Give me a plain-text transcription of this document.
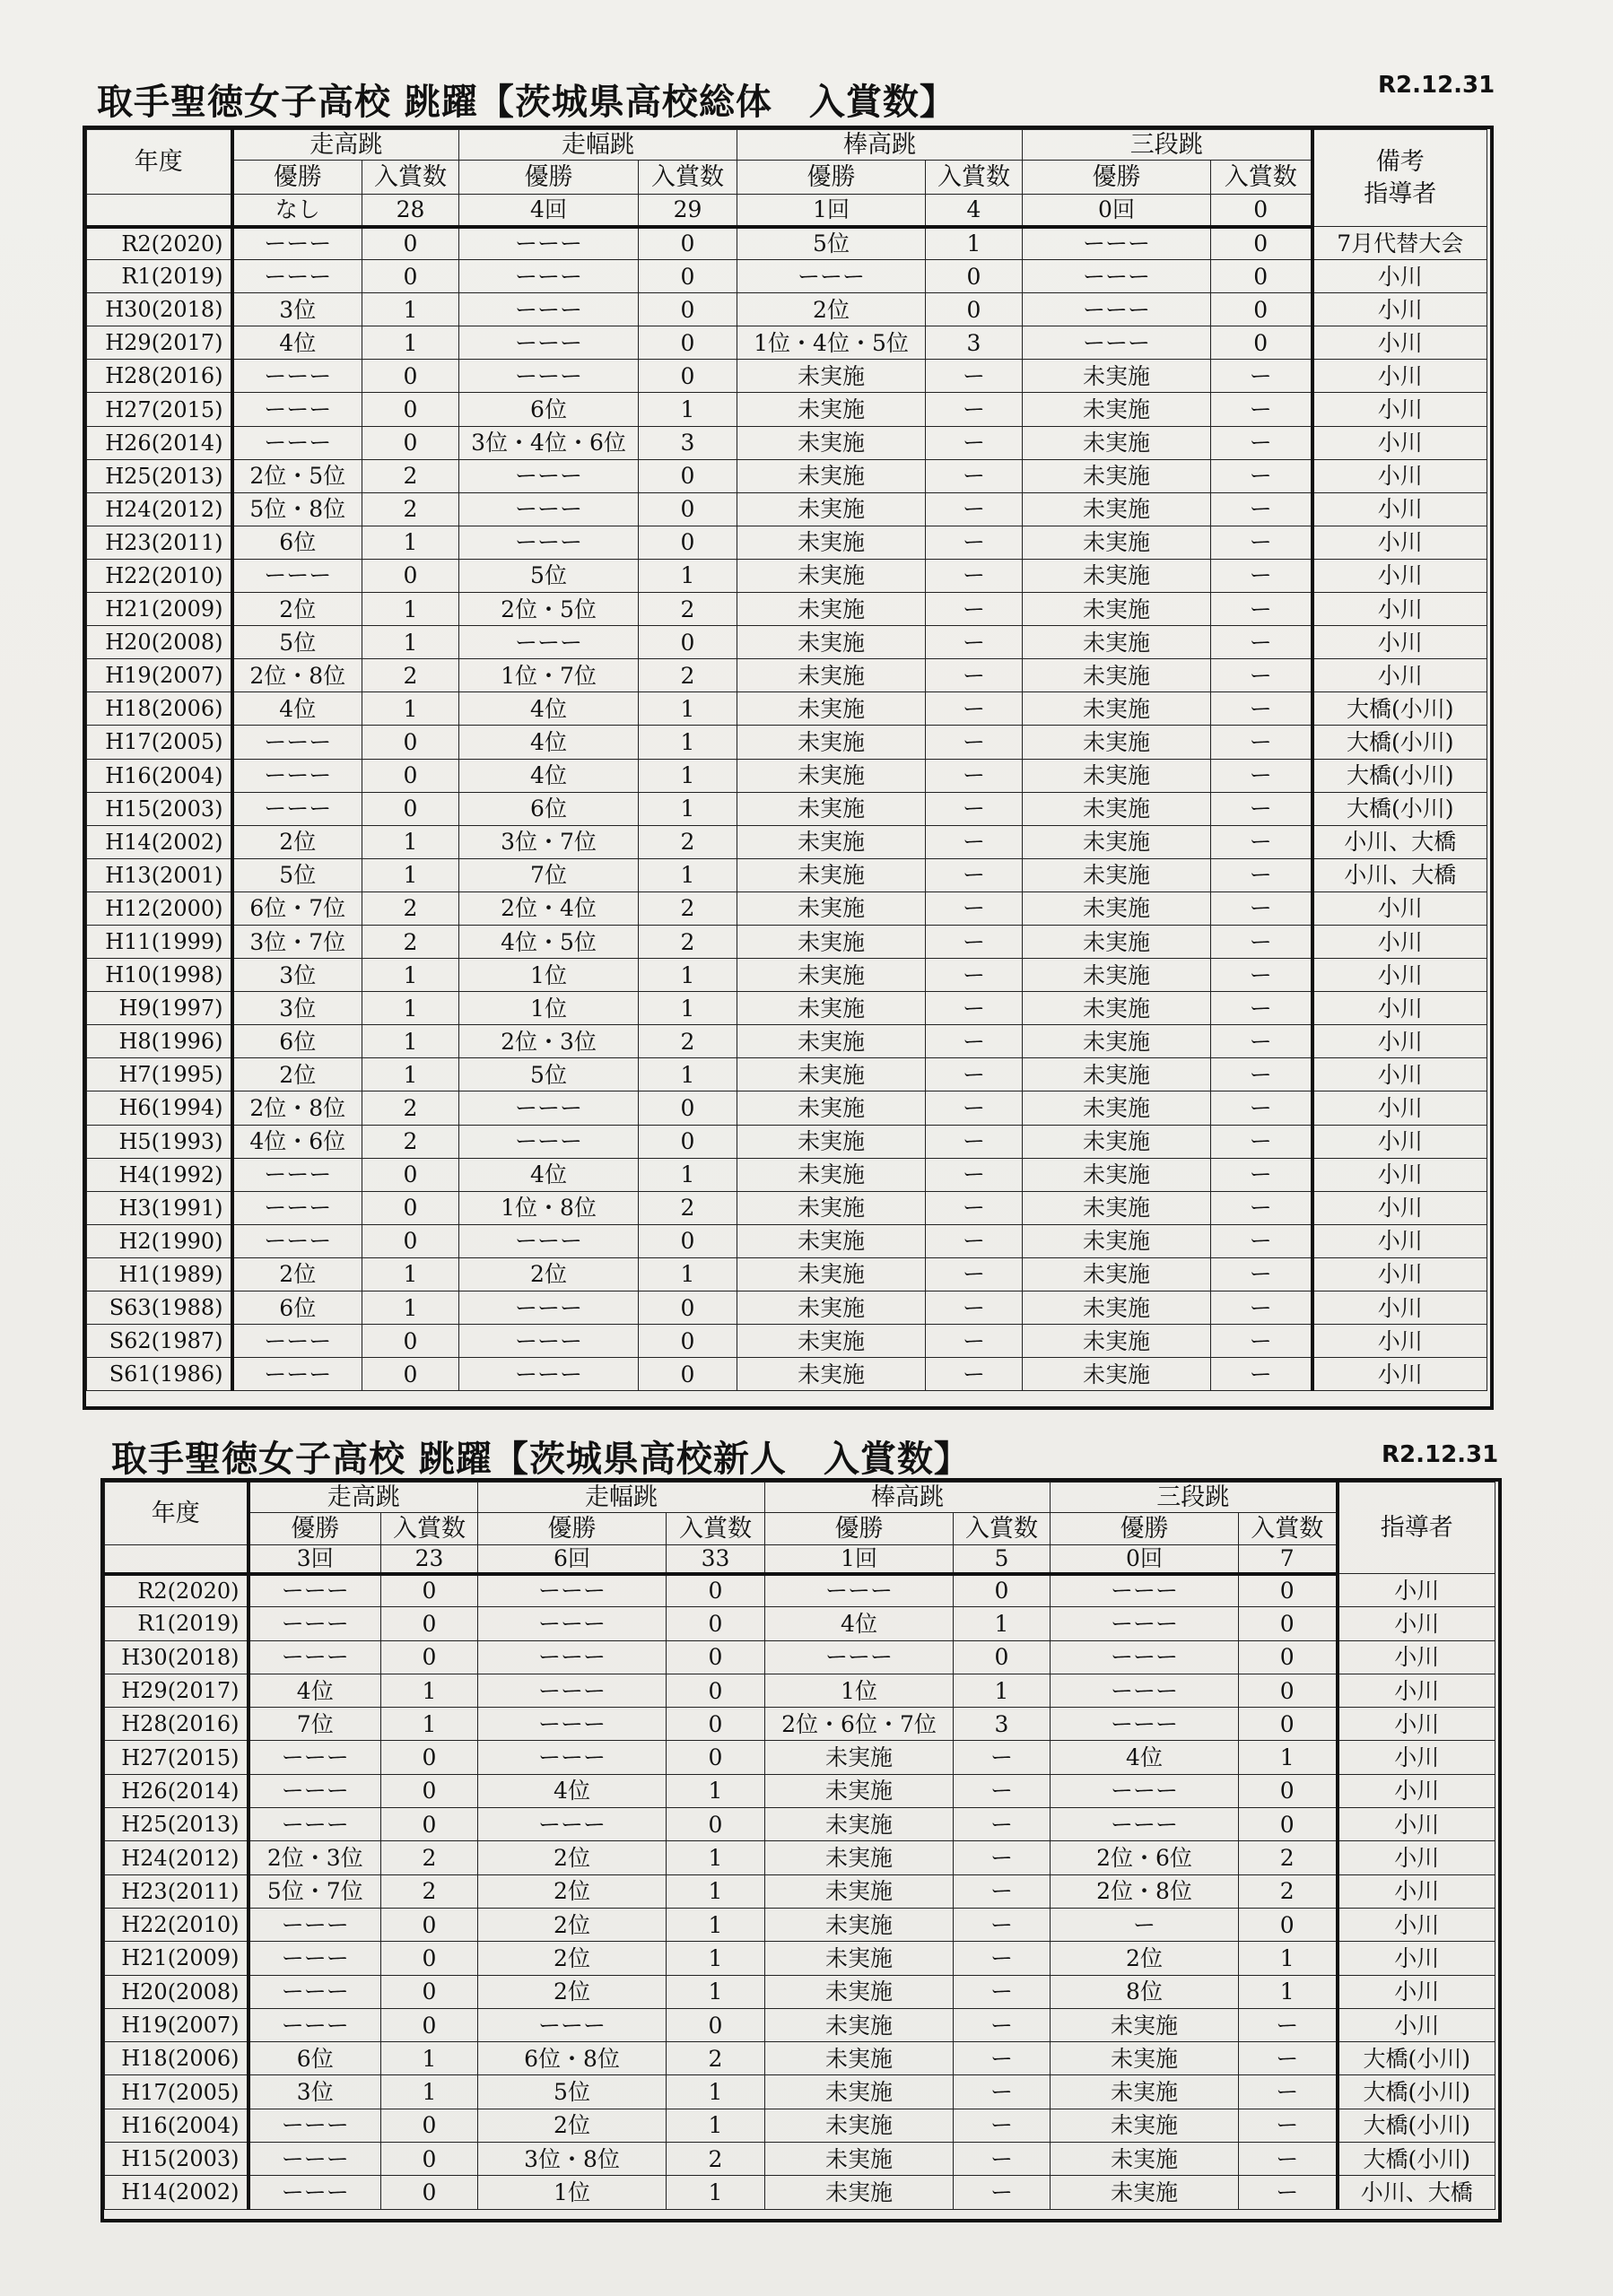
取手聖徳女子高校 跳躍【茨城県高校総体　入賞数】	R2.12.31
年度	走高跳		走幅跳		棒高跳		三段跳		備考
指導者
	優勝	入賞数	優勝	入賞数	優勝	入賞数	優勝	入賞数	
	なし	28	4回	29	1回	4	0回	0	
R2(2020)	ーーー	0	ーーー	0	5位	1	ーーー	0	7月代替大会
R1(2019)	ーーー	0	ーーー	0	ーーー	0	ーーー	0	小川
H30(2018)	3位	1	ーーー	0	2位	0	ーーー	0	小川
H29(2017)	4位	1	ーーー	0	1位・4位・5位	3	ーーー	0	小川
H28(2016)	ーーー	0	ーーー	0	未実施	ー	未実施	ー	小川
H27(2015)	ーーー	0	6位	1	未実施	ー	未実施	ー	小川
H26(2014)	ーーー	0	3位・4位・6位	3	未実施	ー	未実施	ー	小川
H25(2013)	2位・5位	2	ーーー	0	未実施	ー	未実施	ー	小川
H24(2012)	5位・8位	2	ーーー	0	未実施	ー	未実施	ー	小川
H23(2011)	6位	1	ーーー	0	未実施	ー	未実施	ー	小川
H22(2010)	ーーー	0	5位	1	未実施	ー	未実施	ー	小川
H21(2009)	2位	1	2位・5位	2	未実施	ー	未実施	ー	小川
H20(2008)	5位	1	ーーー	0	未実施	ー	未実施	ー	小川
H19(2007)	2位・8位	2	1位・7位	2	未実施	ー	未実施	ー	小川
H18(2006)	4位	1	4位	1	未実施	ー	未実施	ー	大橋(小川)
H17(2005)	ーーー	0	4位	1	未実施	ー	未実施	ー	大橋(小川)
H16(2004)	ーーー	0	4位	1	未実施	ー	未実施	ー	大橋(小川)
H15(2003)	ーーー	0	6位	1	未実施	ー	未実施	ー	大橋(小川)
H14(2002)	2位	1	3位・7位	2	未実施	ー	未実施	ー	小川、大橋
H13(2001)	5位	1	7位	1	未実施	ー	未実施	ー	小川、大橋
H12(2000)	6位・7位	2	2位・4位	2	未実施	ー	未実施	ー	小川
H11(1999)	3位・7位	2	4位・5位	2	未実施	ー	未実施	ー	小川
H10(1998)	3位	1	1位	1	未実施	ー	未実施	ー	小川
H9(1997)	3位	1	1位	1	未実施	ー	未実施	ー	小川
H8(1996)	6位	1	2位・3位	2	未実施	ー	未実施	ー	小川
H7(1995)	2位	1	5位	1	未実施	ー	未実施	ー	小川
H6(1994)	2位・8位	2	ーーー	0	未実施	ー	未実施	ー	小川
H5(1993)	4位・6位	2	ーーー	0	未実施	ー	未実施	ー	小川
H4(1992)	ーーー	0	4位	1	未実施	ー	未実施	ー	小川
H3(1991)	ーーー	0	1位・8位	2	未実施	ー	未実施	ー	小川
H2(1990)	ーーー	0	ーーー	0	未実施	ー	未実施	ー	小川
H1(1989)	2位	1	2位	1	未実施	ー	未実施	ー	小川
S63(1988)	6位	1	ーーー	0	未実施	ー	未実施	ー	小川
S62(1987)	ーーー	0	ーーー	0	未実施	ー	未実施	ー	小川
S61(1986)	ーーー	0	ーーー	0	未実施	ー	未実施	ー	小川
取手聖徳女子高校 跳躍【茨城県高校新人　入賞数】	R2.12.31
年度	走高跳		走幅跳		棒高跳		三段跳		指導者
	優勝	入賞数	優勝	入賞数	優勝	入賞数	優勝	入賞数	
	3回	23	6回	33	1回	5	0回	7	
R2(2020)	ーーー	0	ーーー	0	ーーー	0	ーーー	0	小川
R1(2019)	ーーー	0	ーーー	0	4位	1	ーーー	0	小川
H30(2018)	ーーー	0	ーーー	0	ーーー	0	ーーー	0	小川
H29(2017)	4位	1	ーーー	0	1位	1	ーーー	0	小川
H28(2016)	7位	1	ーーー	0	2位・6位・7位	3	ーーー	0	小川
H27(2015)	ーーー	0	ーーー	0	未実施	ー	4位	1	小川
H26(2014)	ーーー	0	4位	1	未実施	ー	ーーー	0	小川
H25(2013)	ーーー	0	ーーー	0	未実施	ー	ーーー	0	小川
H24(2012)	2位・3位	2	2位	1	未実施	ー	2位・6位	2	小川
H23(2011)	5位・7位	2	2位	1	未実施	ー	2位・8位	2	小川
H22(2010)	ーーー	0	2位	1	未実施	ー	ー	0	小川
H21(2009)	ーーー	0	2位	1	未実施	ー	2位	1	小川
H20(2008)	ーーー	0	2位	1	未実施	ー	8位	1	小川
H19(2007)	ーーー	0	ーーー	0	未実施	ー	未実施	ー	小川
H18(2006)	6位	1	6位・8位	2	未実施	ー	未実施	ー	大橋(小川)
H17(2005)	3位	1	5位	1	未実施	ー	未実施	ー	大橋(小川)
H16(2004)	ーーー	0	2位	1	未実施	ー	未実施	ー	大橋(小川)
H15(2003)	ーーー	0	3位・8位	2	未実施	ー	未実施	ー	大橋(小川)
H14(2002)	ーーー	0	1位	1	未実施	ー	未実施	ー	小川、大橋
